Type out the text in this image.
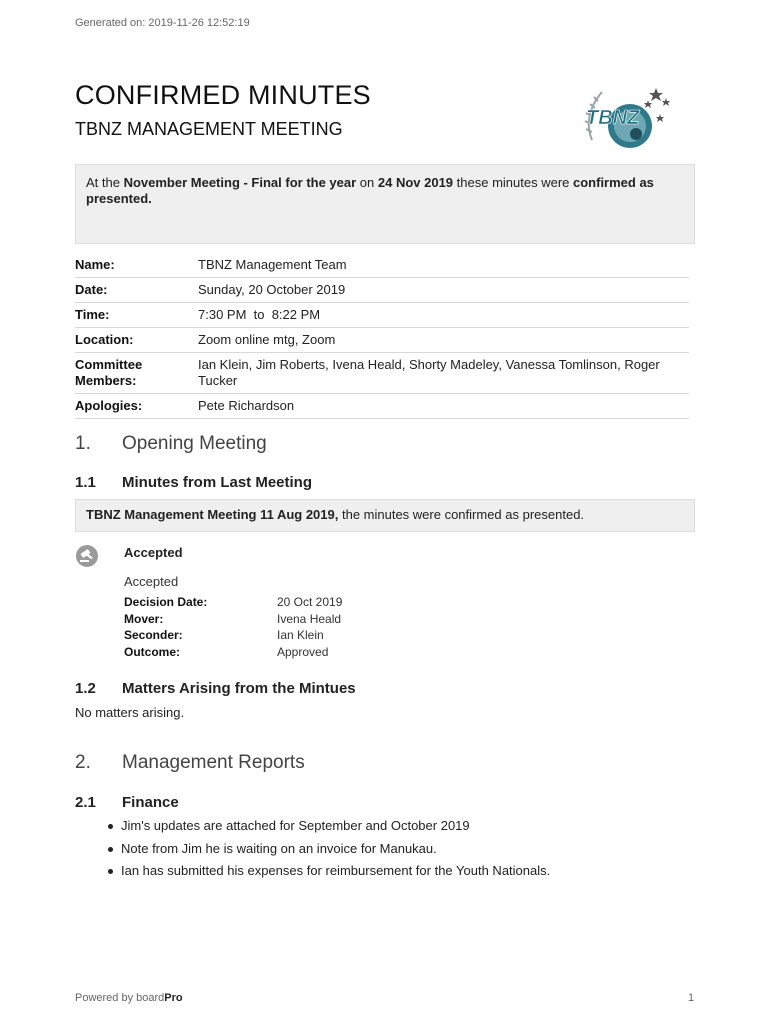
Generated on: 2019-11-26 12:52:19
CONFIRMED MINUTES
TBNZ MANAGEMENT MEETING	TBNZ
At the November Meeting - Final for the year on 24 Nov 2019 these minutes were confirmed as presented.
Name:	TBNZ Management Team
Date:	Sunday, 20 October 2019
Time:	7:30 PM  to  8:22 PM
Location:	Zoom online mtg, Zoom
Committee Members:
Ian Klein, Jim Roberts, Ivena Heald, Shorty Madeley, Vanessa Tomlinson, Roger Tucker
Apologies:	Pete Richardson
1. Opening Meeting
1.1 Minutes from Last Meeting
TBNZ Management Meeting 11 Aug 2019, the minutes were confirmed as presented.
Accepted
Accepted
Decision Date:	20 Oct 2019
Mover:	Ivena Heald
Seconder:	Ian Klein
Outcome:	Approved
1.2 Matters Arising from the Mintues
No matters arising.
2. Management Reports
2.1 Finance
Jim's updates are attached for September and October 2019
Note from Jim he is waiting on an invoice for Manukau.
Ian has submitted his expenses for reimbursement for the Youth Nationals.
Powered by boardPro	1
